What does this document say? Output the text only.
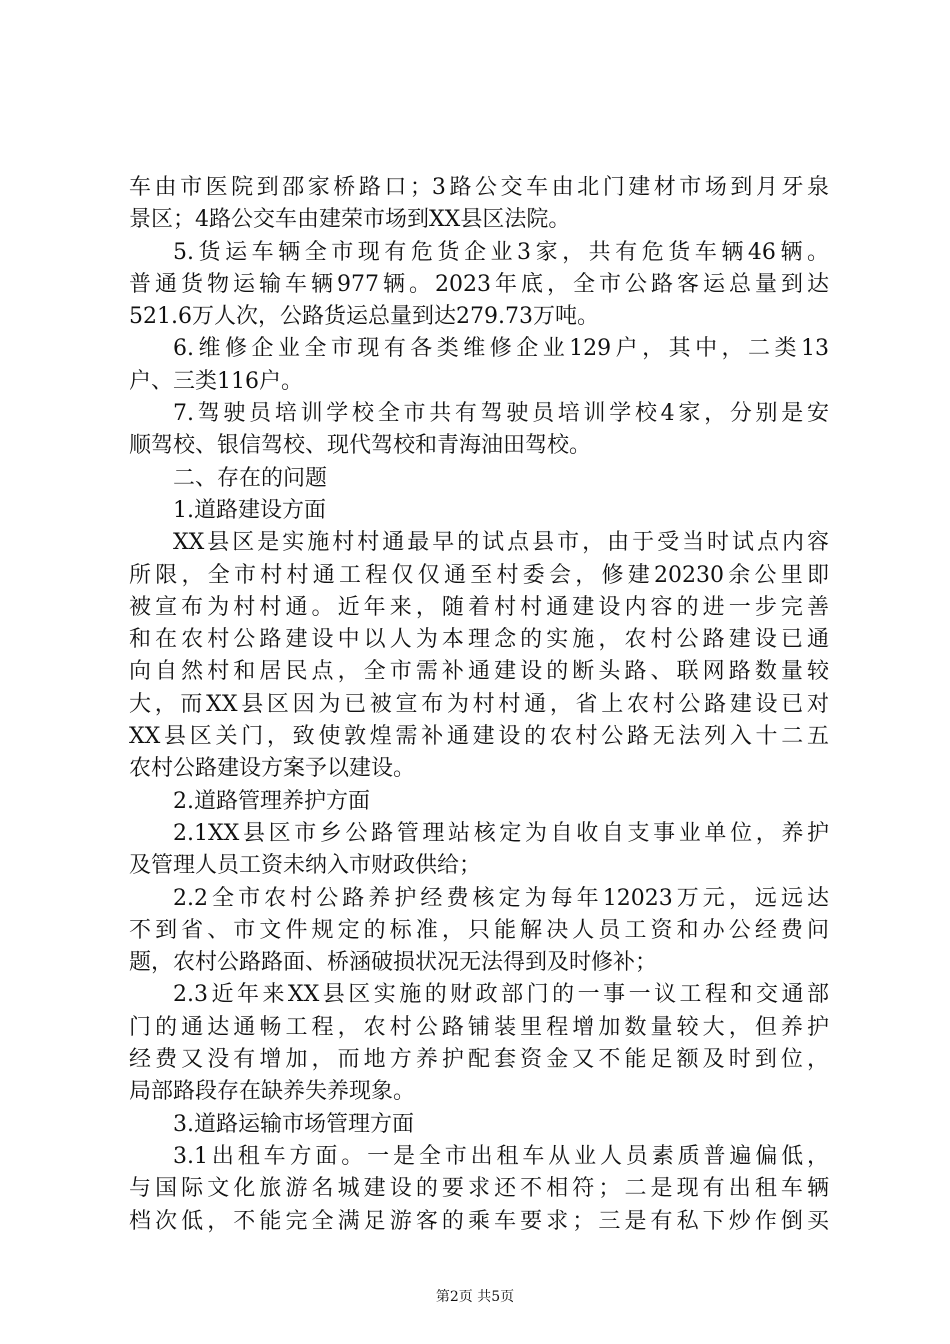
车由市医院到邵家桥路口；3路公交车由北门建材市场到月牙泉
景区；4路公交车由建荣市场到XX县区法院。
5.货运车辆全市现有危货企业3家，共有危货车辆46辆。
普通货物运输车辆977辆。2023年底，全市公路客运总量到达
521.6万人次，公路货运总量到达279.73万吨。
6.维修企业全市现有各类维修企业129户，其中，二类13
户、三类116户。
7.驾驶员培训学校全市共有驾驶员培训学校4家，分别是安
顺驾校、银信驾校、现代驾校和青海油田驾校。
二、存在的问题
1.道路建设方面
XX县区是实施村村通最早的试点县市，由于受当时试点内容
所限，全市村村通工程仅仅通至村委会，修建20230余公里即
被宣布为村村通。近年来，随着村村通建设内容的进一步完善
和在农村公路建设中以人为本理念的实施，农村公路建设已通
向自然村和居民点，全市需补通建设的断头路、联网路数量较
大，而XX县区因为已被宣布为村村通，省上农村公路建设已对
XX县区关门，致使敦煌需补通建设的农村公路无法列入十二五
农村公路建设方案予以建设。
2.道路管理养护方面
2.1XX县区市乡公路管理站核定为自收自支事业单位，养护
及管理人员工资未纳入市财政供给；
2.2全市农村公路养护经费核定为每年12023万元，远远达
不到省、市文件规定的标准，只能解决人员工资和办公经费问
题，农村公路路面、桥涵破损状况无法得到及时修补；
2.3近年来XX县区实施的财政部门的一事一议工程和交通部
门的通达通畅工程，农村公路铺装里程增加数量较大，但养护
经费又没有增加，而地方养护配套资金又不能足额及时到位，
局部路段存在缺养失养现象。
3.道路运输市场管理方面
3.1出租车方面。一是全市出租车从业人员素质普遍偏低，
与国际文化旅游名城建设的要求还不相符；二是现有出租车辆
档次低，不能完全满足游客的乘车要求；三是有私下炒作倒买
第2页 共5页
